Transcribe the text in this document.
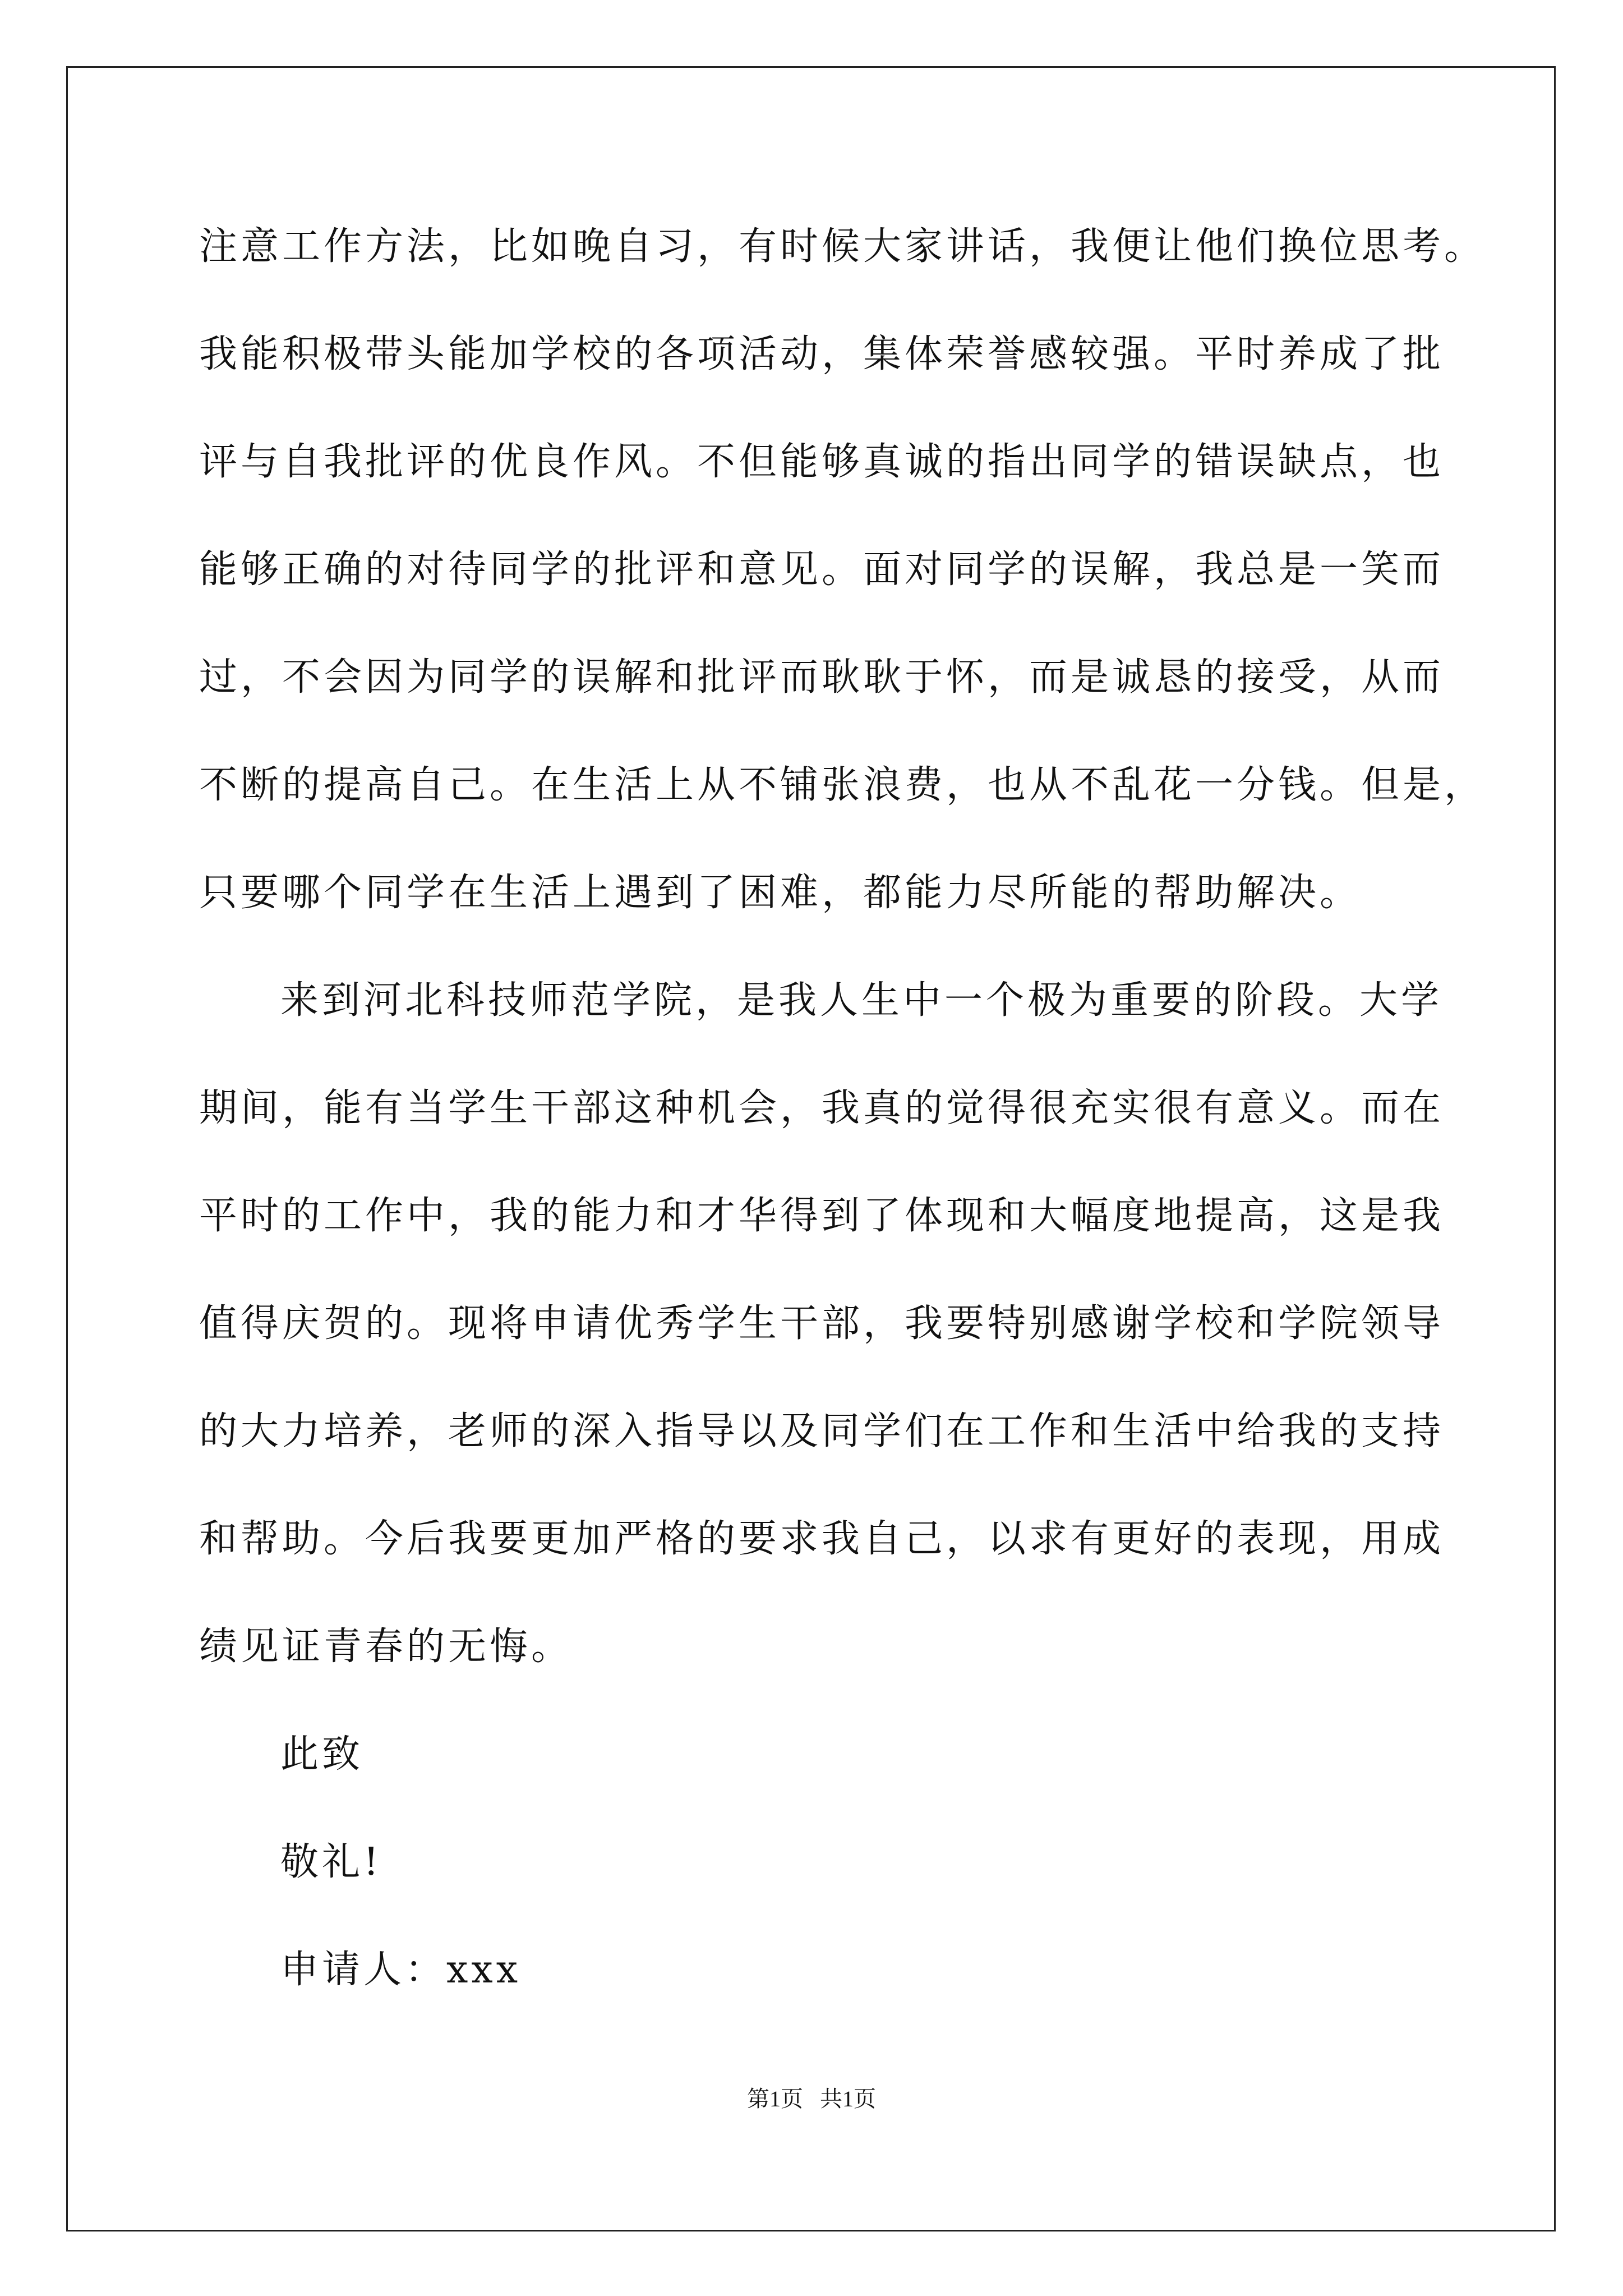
注意工作方法，比如晚自习，有时候大家讲话，我便让他们换位思考。
我能积极带头能加学校的各项活动，集体荣誉感较强。平时养成了批
评与自我批评的优良作风。不但能够真诚的指出同学的错误缺点，也
能够正确的对待同学的批评和意见。面对同学的误解，我总是一笑而
过，不会因为同学的误解和批评而耿耿于怀，而是诚恳的接受，从而
不断的提高自己。在生活上从不铺张浪费，也从不乱花一分钱。但是，
只要哪个同学在生活上遇到了困难，都能力尽所能的帮助解决。
来到河北科技师范学院，是我人生中一个极为重要的阶段。大学
期间，能有当学生干部这种机会，我真的觉得很充实很有意义。而在
平时的工作中，我的能力和才华得到了体现和大幅度地提高，这是我
值得庆贺的。现将申请优秀学生干部，我要特别感谢学校和学院领导
的大力培养，老师的深入指导以及同学们在工作和生活中给我的支持
和帮助。今后我要更加严格的要求我自己，以求有更好的表现，用成
绩见证青春的无悔。
此致
敬礼!
申请人：xxx
第1页   共1页
